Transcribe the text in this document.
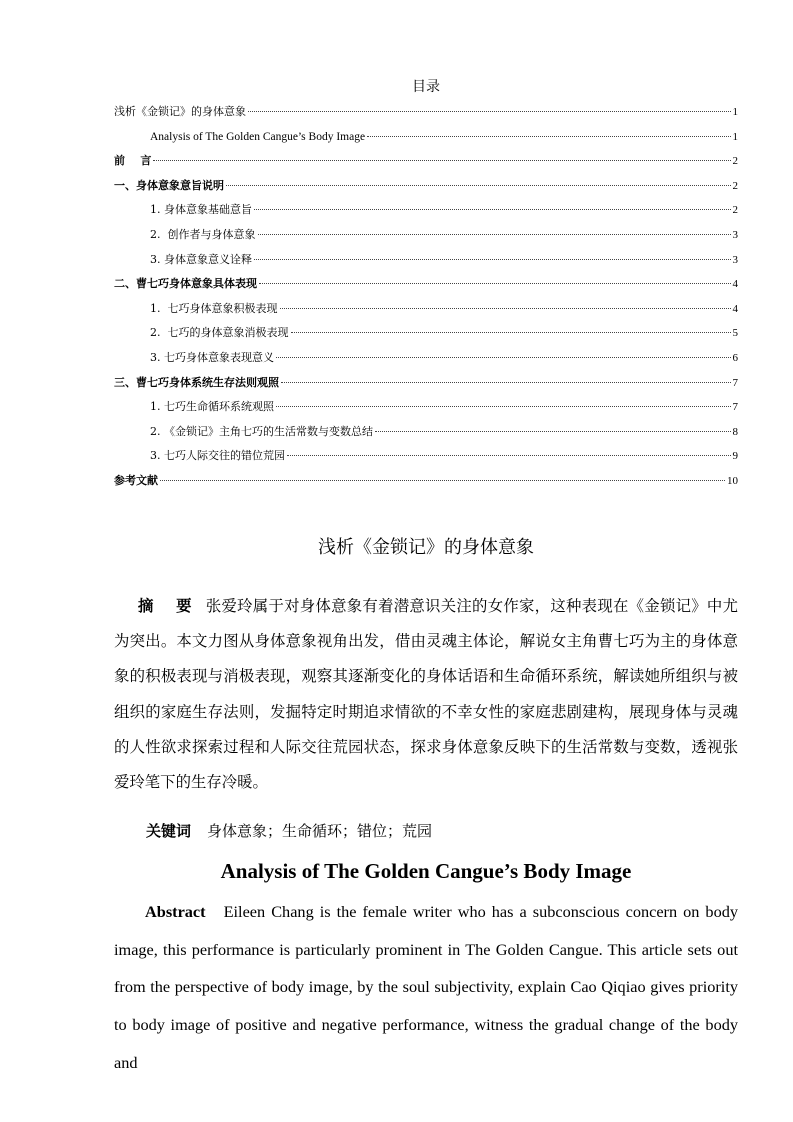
目录
浅析《金锁记》的身体意象	1
Analysis of The Golden Cangue’s Body Image	1
前    言	2
一、身体意象意旨说明	2
1. 身体意象基础意旨	2
2.  创作者与身体意象	3
3. 身体意象意义诠释	3
二、曹七巧身体意象具体表现	4
1.  七巧身体意象积极表现	4
2.  七巧的身体意象消极表现	5
3. 七巧身体意象表现意义	6
三、曹七巧身体系统生存法则观照	7
1. 七巧生命循环系统观照	7
2. 《金锁记》主角七巧的生活常数与变数总结	8
3. 七巧人际交往的错位荒园	9
参考文献	10
浅析《金锁记》的身体意象

摘    要 张爱玲属于对身体意象有着潜意识关注的女作家，这种表现在《金锁记》中尤为突出。本文力图从身体意象视角出发，借由灵魂主体论，解说女主角曹七巧为主的身体意象的积极表现与消极表现，观察其逐渐变化的身体话语和生命循环系统，解读她所组织与被组织的家庭生存法则，发掘特定时期追求情欲的不幸女性的家庭悲剧建构，展现身体与灵魂的人性欲求探索过程和人际交往荒园状态，探求身体意象反映下的生活常数与变数，透视张爱玲笔下的生存冷暖。

关键词 身体意象；生命循环；错位；荒园
Analysis of The Golden Cangue’s Body Image

Abstract Eileen Chang is the female writer who has a subconscious concern on body image, this performance is particularly prominent in The Golden Cangue. This article sets out from the perspective of body image, by the soul subjectivity, explain Cao Qiqiao gives priority to body image of positive and negative performance, witness the gradual change of the body and
